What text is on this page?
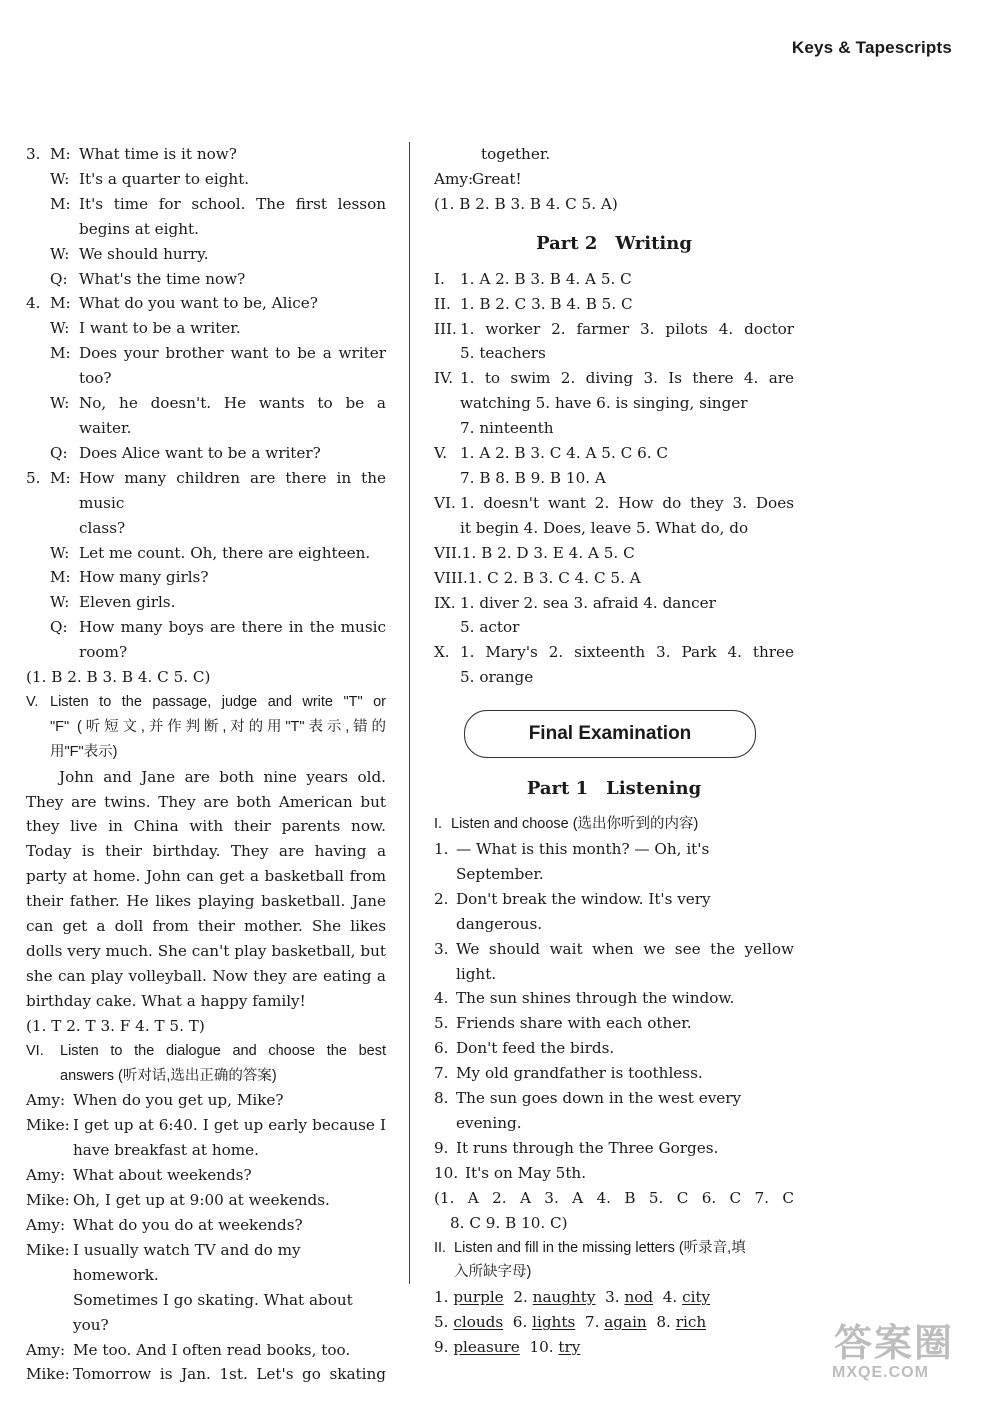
Keys & Tapescripts
3. M: What time is it now?
W: It's a quarter to eight.
M: It's time for school. The first lesson
begins at eight.
W: We should hurry.
Q: What's the time now?
4. M: What do you want to be, Alice?
W: I want to be a writer.
M: Does your brother want to be a writer
too?
W: No, he doesn't. He wants to be a waiter.
Q: Does Alice want to be a writer?
5. M: How many children are there in the music
class?
W: Let me count. Oh, there are eighteen.
M: How many girls?
W: Eleven girls.
Q: How many boys are there in the music
room?
(1. B 2. B 3. B 4. C 5. C)
V. Listen to the passage, judge and write "T" or
"F" (听短文,并作判断,对的用"T"表示,错的
用"F"表示)
John and Jane are both nine years old. They are twins. They are both American but they live in China with their parents now. Today is their birthday. They are having a party at home. John can get a basketball from their father. He likes playing basketball. Jane can get a doll from their mother. She likes dolls very much. She can't play basketball, but she can play volleyball. Now they are eating a birthday cake. What a happy family!
(1. T 2. T 3. F 4. T 5. T)
VI.	Listen to the dialogue and choose the best
answers (听对话,选出正确的答案)
Amy: When do you get up, Mike?
Mike: I get up at 6:40. I get up early because I
have breakfast at home.
Amy: What about weekends?
Mike: Oh, I get up at 9:00 at weekends.
Amy: What do you do at weekends?
Mike: I usually watch TV and do my homework.
Sometimes I go skating. What about you?
Amy: Me too. And I often read books, too.
Mike: Tomorrow is Jan. 1st. Let's go skating
together.
Amy:
Great!
(1. B 2. B 3. B 4. C 5. A)
Part 2 Writing
I. 1. A 2. B 3. B 4. A 5. C
II. 1. B 2. C 3. B 4. B 5. C
III. 1. worker 2. farmer 3. pilots 4. doctor
5. teachers
IV. 1. to swim 2. diving 3. Is there 4. are
watching 5. have 6. is singing, singer
7. ninteenth
V. 1. A 2. B 3. C 4. A 5. C 6. C
7. B 8. B 9. B 10. A
VI. 1. doesn't want 2. How do they 3. Does
it begin 4. Does, leave 5. What do, do
VII. 1. B 2. D 3. E 4. A 5. C
VIII. 1. C 2. B 3. C 4. C 5. A
IX. 1. diver 2. sea 3. afraid 4. dancer
5. actor
X. 1. Mary's 2. sixteenth 3. Park 4. three
5. orange
Final Examination
Part 1 Listening
I. Listen and choose (选出你听到的内容)
1. — What is this month? — Oh, it's September.
2. Don't break the window. It's very dangerous.
3. We should wait when we see the yellow
light.
4. The sun shines through the window.
5. Friends share with each other.
6. Don't feed the birds.
7. My old grandfather is toothless.
8. The sun goes down in the west every evening.
9. It runs through the Three Gorges.
10. It's on May 5th.
(1. A 2. A 3. A 4. B 5. C 6. C 7. C
8. C 9. B 10. C)
II. Listen and fill in the missing letters (听录音,填
入所缺字母)
1.
purple
2.
naughty
3.
nod
4.
city
5.
clouds
6.
lights
7.
again
8.
rich
9.
pleasure
10.
try	答案圈
MXQE.COM
